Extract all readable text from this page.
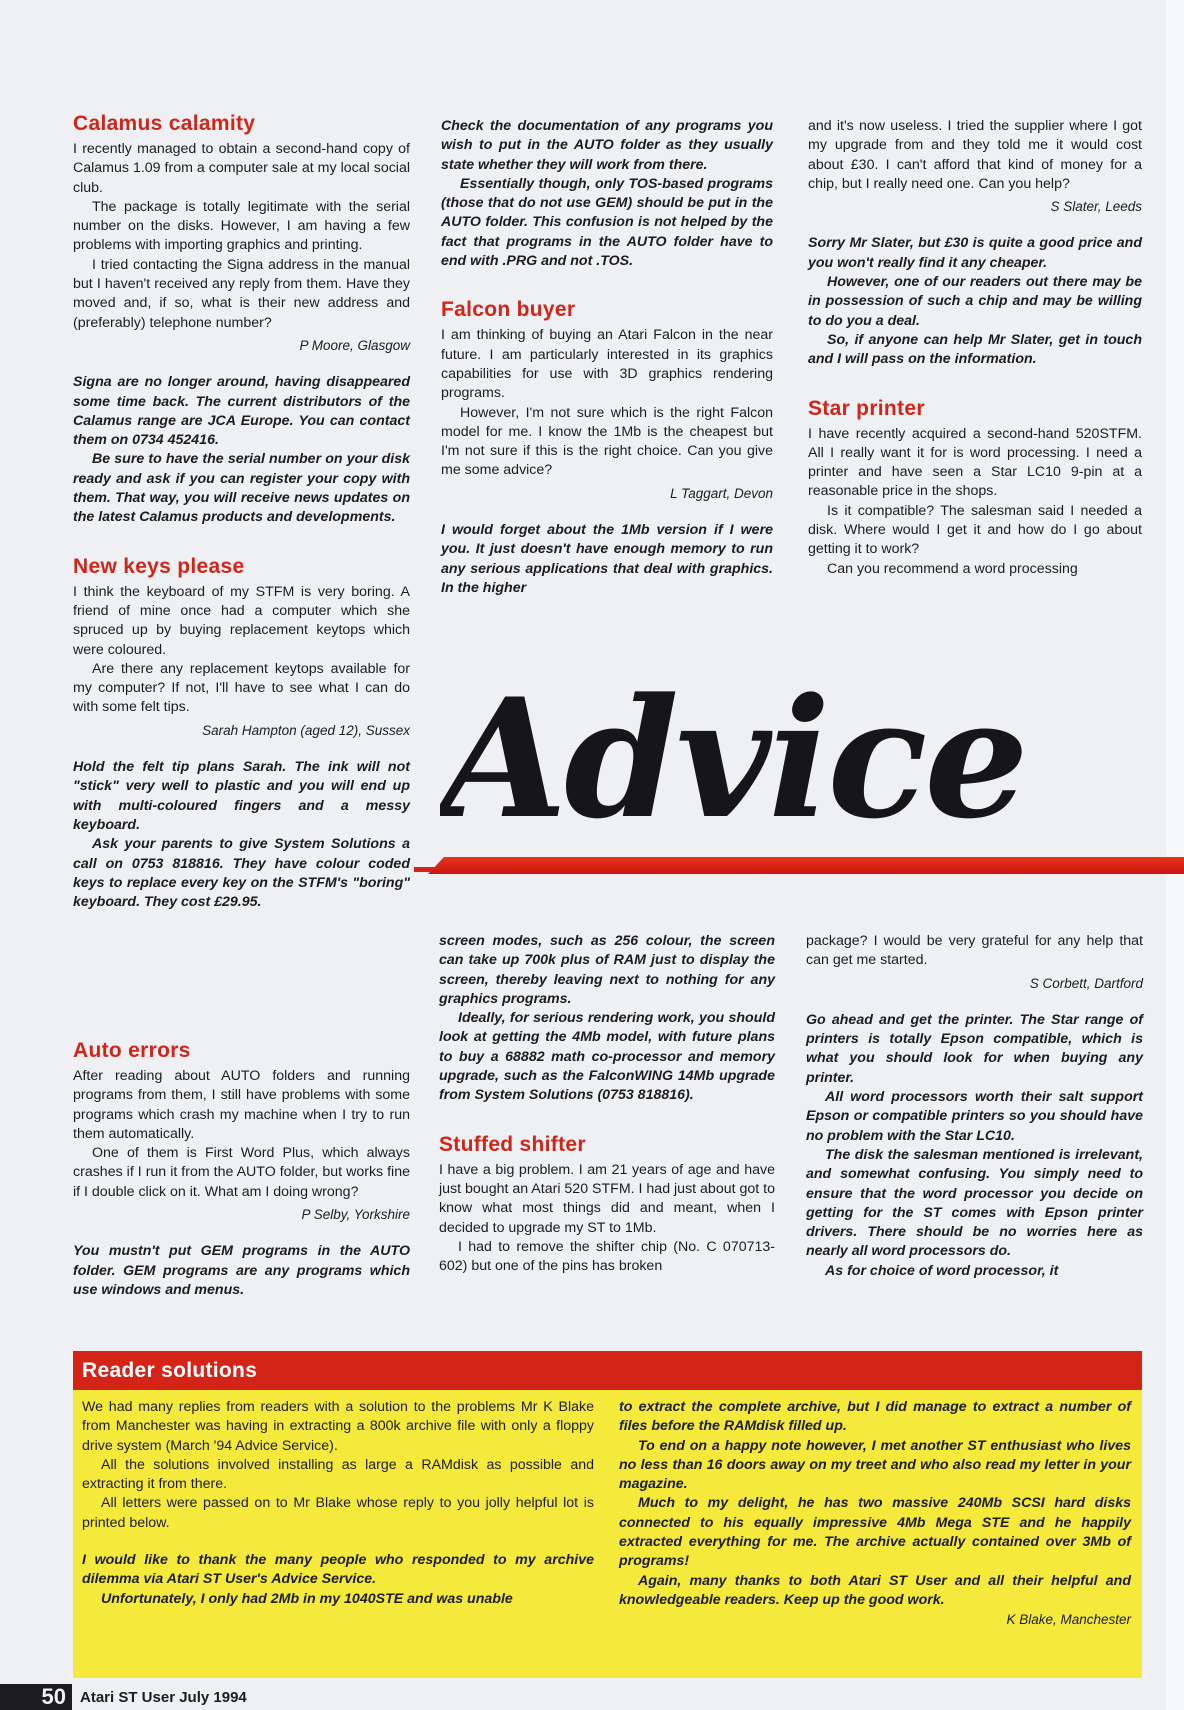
Calamus calamity

I recently managed to obtain a second-hand copy of Calamus 1.09 from a computer sale at my local social club.

The package is totally legitimate with the serial number on the disks. However, I am having a few problems with importing graphics and printing.

I tried contacting the Signa address in the manual but I haven't received any reply from them. Have they moved and, if so, what is their new address and (preferably) telephone number?

P Moore, Glasgow

Signa are no longer around, having disappeared some time back. The current distributors of the Calamus range are JCA Europe. You can contact them on 0734 452416.

Be sure to have the serial number on your disk ready and ask if you can register your copy with them. That way, you will receive news updates on the latest Calamus products and developments.

New keys please

I think the keyboard of my STFM is very boring. A friend of mine once had a computer which she spruced up by buying replacement keytops which were coloured.

Are there any replacement keytops available for my computer? If not, I'll have to see what I can do with some felt tips.

Sarah Hampton (aged 12), Sussex

Hold the felt tip plans Sarah. The ink will not "stick" very well to plastic and you will end up with multi-coloured fingers and a messy keyboard.

Ask your parents to give System Solutions a call on 0753 818816. They have colour coded keys to replace every key on the STFM's "boring" keyboard. They cost £29.95.

Auto errors

After reading about AUTO folders and running programs from them, I still have problems with some programs which crash my machine when I try to run them automatically.

One of them is First Word Plus, which always crashes if I run it from the AUTO folder, but works fine if I double click on it. What am I doing wrong?

P Selby, Yorkshire

You mustn't put GEM programs in the AUTO folder. GEM programs are any programs which use windows and menus.

Check the documentation of any programs you wish to put in the AUTO folder as they usually state whether they will work from there.

Essentially though, only TOS-based programs (those that do not use GEM) should be put in the AUTO folder. This confusion is not helped by the fact that programs in the AUTO folder have to end with .PRG and not .TOS.

Falcon buyer

I am thinking of buying an Atari Falcon in the near future. I am particularly interested in its graphics capabilities for use with 3D graphics rendering programs.

However, I'm not sure which is the right Falcon model for me. I know the 1Mb is the cheapest but I'm not sure if this is the right choice. Can you give me some advice?

L Taggart, Devon

I would forget about the 1Mb version if I were you. It just doesn't have enough memory to run any serious applications that deal with graphics. In the higher

and it's now useless. I tried the supplier where I got my upgrade from and they told me it would cost about £30. I can't afford that kind of money for a chip, but I really need one. Can you help?

S Slater, Leeds

Sorry Mr Slater, but £30 is quite a good price and you won't really find it any cheaper.

However, one of our readers out there may be in possession of such a chip and may be willing to do you a deal.

So, if anyone can help Mr Slater, get in touch and I will pass on the information.

Star printer

I have recently acquired a second-hand 520STFM. All I really want it for is word processing. I need a printer and have seen a Star LC10 9-pin at a reasonable price in the shops.

Is it compatible? The salesman said I needed a disk. Where would I get it and how do I go about getting it to work?

Can you recommend a word processing

Advice

screen modes, such as 256 colour, the screen can take up 700k plus of RAM just to display the screen, thereby leaving next to nothing for any graphics programs.

Ideally, for serious rendering work, you should look at getting the 4Mb model, with future plans to buy a 68882 math co-processor and memory upgrade, such as the FalconWING 14Mb upgrade from System Solutions (0753 818816).

Stuffed shifter

I have a big problem. I am 21 years of age and have just bought an Atari 520 STFM. I had just about got to know what most things did and meant, when I decided to upgrade my ST to 1Mb.

I had to remove the shifter chip (No. C 070713-602) but one of the pins has broken

package? I would be very grateful for any help that can get me started.

S Corbett, Dartford

Go ahead and get the printer. The Star range of printers is totally Epson compatible, which is what you should look for when buying any printer.

All word processors worth their salt support Epson or compatible printers so you should have no problem with the Star LC10.

The disk the salesman mentioned is irrelevant, and somewhat confusing. You simply need to ensure that the word processor you decide on getting for the ST comes with Epson printer drivers. There should be no worries here as nearly all word processors do.

As for choice of word processor, it

Reader solutions

We had many replies from readers with a solution to the problems Mr K Blake from Manchester was having in extracting a 800k archive file with only a floppy drive system (March '94 Advice Service).

All the solutions involved installing as large a RAMdisk as possible and extracting it from there.

All letters were passed on to Mr Blake whose reply to you jolly helpful lot is printed below.

I would like to thank the many people who responded to my archive dilemma via Atari ST User's Advice Service.

Unfortunately, I only had 2Mb in my 1040STE and was unable

to extract the complete archive, but I did manage to extract a number of files before the RAMdisk filled up.

To end on a happy note however, I met another ST enthusiast who lives no less than 16 doors away on my treet and who also read my letter in your magazine.

Much to my delight, he has two massive 240Mb SCSI hard disks connected to his equally impressive 4Mb Mega STE and he happily extracted everything for me. The archive actually contained over 3Mb of programs!

Again, many thanks to both Atari ST User and all their helpful and knowledgeable readers. Keep up the good work.

K Blake, Manchester

50 Atari ST User July 1994
